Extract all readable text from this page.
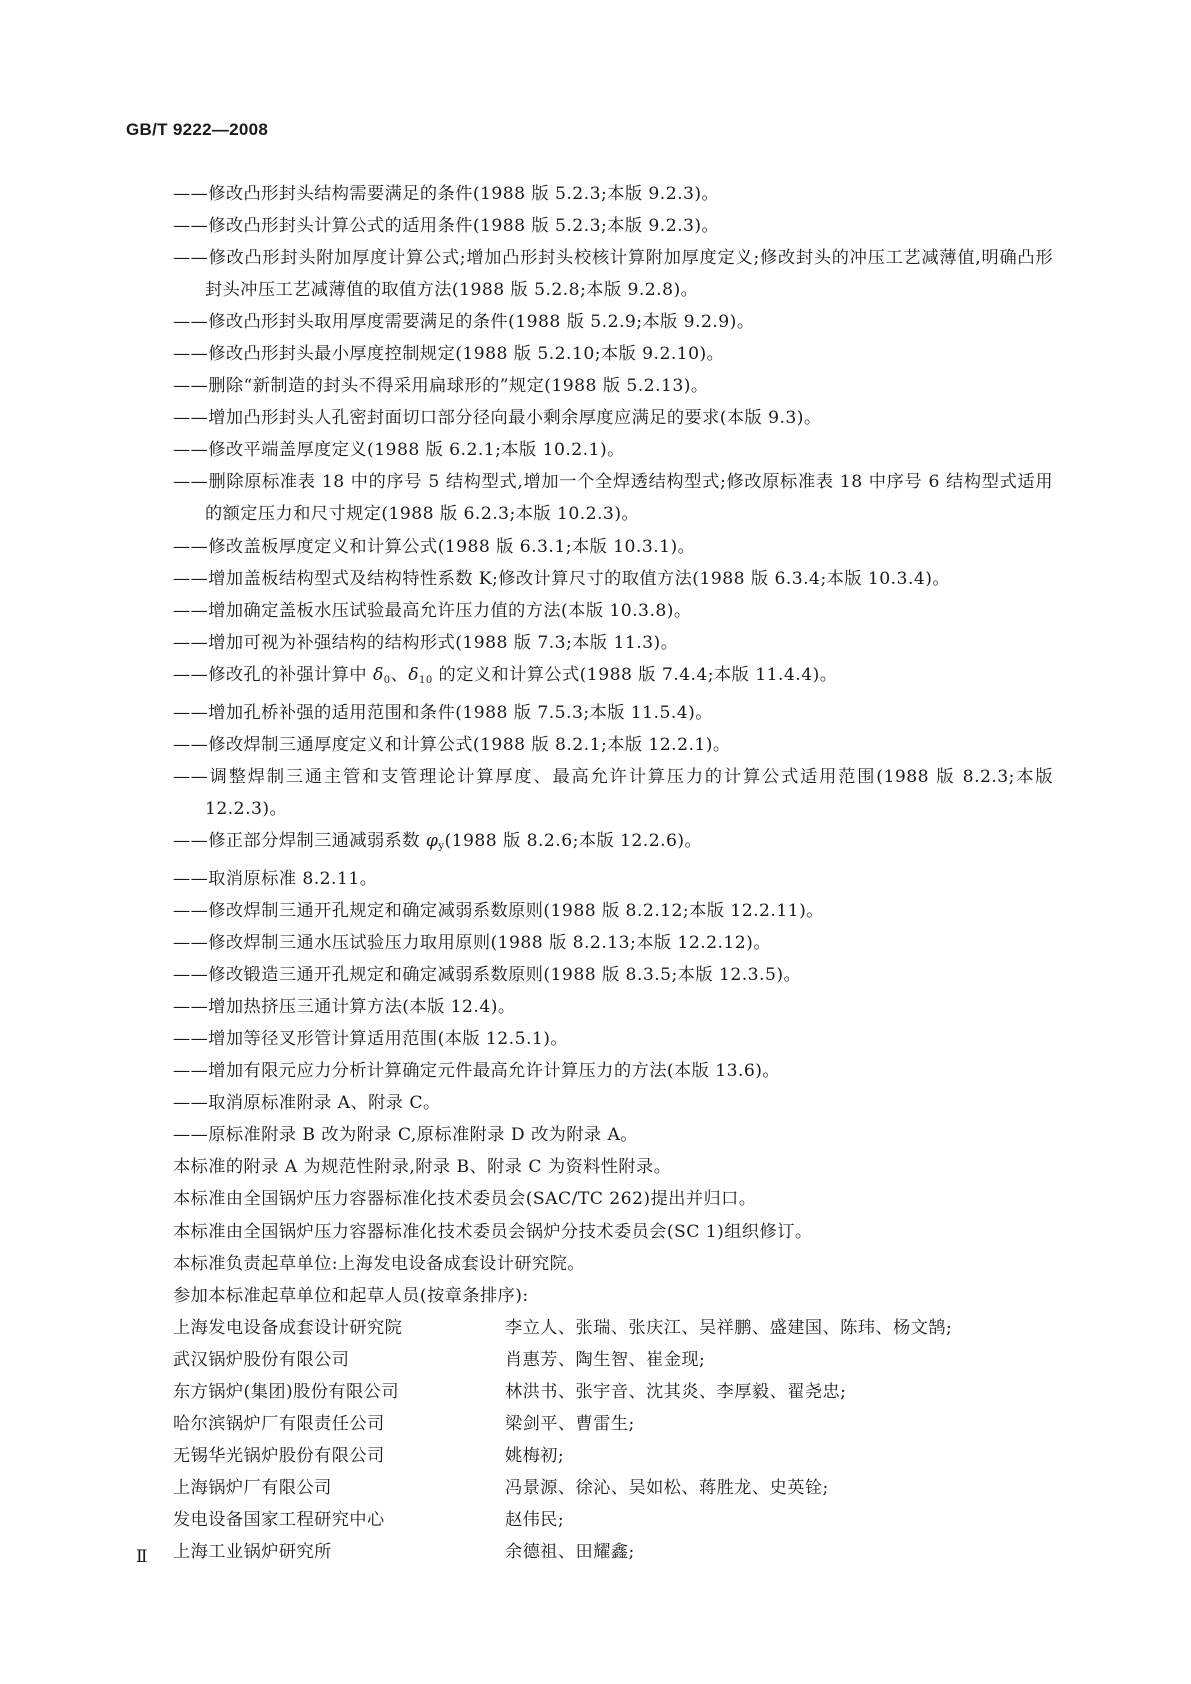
GB/T 9222—2008
——修改凸形封头结构需要满足的条件(1988 版 5.2.3;本版 9.2.3)。
——修改凸形封头计算公式的适用条件(1988 版 5.2.3;本版 9.2.3)。
——修改凸形封头附加厚度计算公式;增加凸形封头校核计算附加厚度定义;修改封头的冲压工艺减薄值,明确凸形封头冲压工艺减薄值的取值方法(1988 版 5.2.8;本版 9.2.8)。
——修改凸形封头取用厚度需要满足的条件(1988 版 5.2.9;本版 9.2.9)。
——修改凸形封头最小厚度控制规定(1988 版 5.2.10;本版 9.2.10)。
——删除“新制造的封头不得采用扁球形的”规定(1988 版 5.2.13)。
——增加凸形封头人孔密封面切口部分径向最小剩余厚度应满足的要求(本版 9.3)。
——修改平端盖厚度定义(1988 版 6.2.1;本版 10.2.1)。
——删除原标准表 18 中的序号 5 结构型式,增加一个全焊透结构型式;修改原标准表 18 中序号 6 结构型式适用的额定压力和尺寸规定(1988 版 6.2.3;本版 10.2.3)。
——修改盖板厚度定义和计算公式(1988 版 6.3.1;本版 10.3.1)。
——增加盖板结构型式及结构特性系数 K;修改计算尺寸的取值方法(1988 版 6.3.4;本版 10.3.4)。
——增加确定盖板水压试验最高允许压力值的方法(本版 10.3.8)。
——增加可视为补强结构的结构形式(1988 版 7.3;本版 11.3)。
——修改孔的补强计算中 $\delta_0$、$\delta_{10}$ 的定义和计算公式(1988 版 7.4.4;本版 11.4.4)。
——增加孔桥补强的适用范围和条件(1988 版 7.5.3;本版 11.5.4)。
——修改焊制三通厚度定义和计算公式(1988 版 8.2.1;本版 12.2.1)。
——调整焊制三通主管和支管理论计算厚度、最高允许计算压力的计算公式适用范围(1988 版 8.2.3;本版 12.2.3)。
——修正部分焊制三通减弱系数 $\varphi_y(1988$ 版 8.2.6;本版 12.2.6)。
——取消原标准 8.2.11。
——修改焊制三通开孔规定和确定减弱系数原则(1988 版 8.2.12;本版 12.2.11)。
——修改焊制三通水压试验压力取用原则(1988 版 8.2.13;本版 12.2.12)。
——修改锻造三通开孔规定和确定减弱系数原则(1988 版 8.3.5;本版 12.3.5)。
——增加热挤压三通计算方法(本版 12.4)。
——增加等径叉形管计算适用范围(本版 12.5.1)。
——增加有限元应力分析计算确定元件最高允许计算压力的方法(本版 13.6)。
——取消原标准附录 A、附录 C。
——原标准附录 B 改为附录 C,原标准附录 D 改为附录 A。
本标准的附录 A 为规范性附录,附录 B、附录 C 为资料性附录。
本标准由全国锅炉压力容器标准化技术委员会(SAC/TC 262)提出并归口。
本标准由全国锅炉压力容器标准化技术委员会锅炉分技术委员会(SC 1)组织修订。
本标准负责起草单位:上海发电设备成套设计研究院。
参加本标准起草单位和起草人员(按章条排序):
上海发电设备成套设计研究院	李立人、张瑞、张庆江、吴祥鹏、盛建国、陈玮、杨文鹄;
武汉锅炉股份有限公司	肖惠芳、陶生智、崔金现;
东方锅炉(集团)股份有限公司	林洪书、张宇音、沈其炎、李厚毅、翟尧忠;
哈尔滨锅炉厂有限责任公司	梁剑平、曹雷生;
无锡华光锅炉股份有限公司	姚梅初;
上海锅炉厂有限公司	冯景源、徐沁、吴如松、蒋胜龙、史英铨;
发电设备国家工程研究中心	赵伟民;
上海工业锅炉研究所	余德祖、田耀鑫;
Ⅱ
